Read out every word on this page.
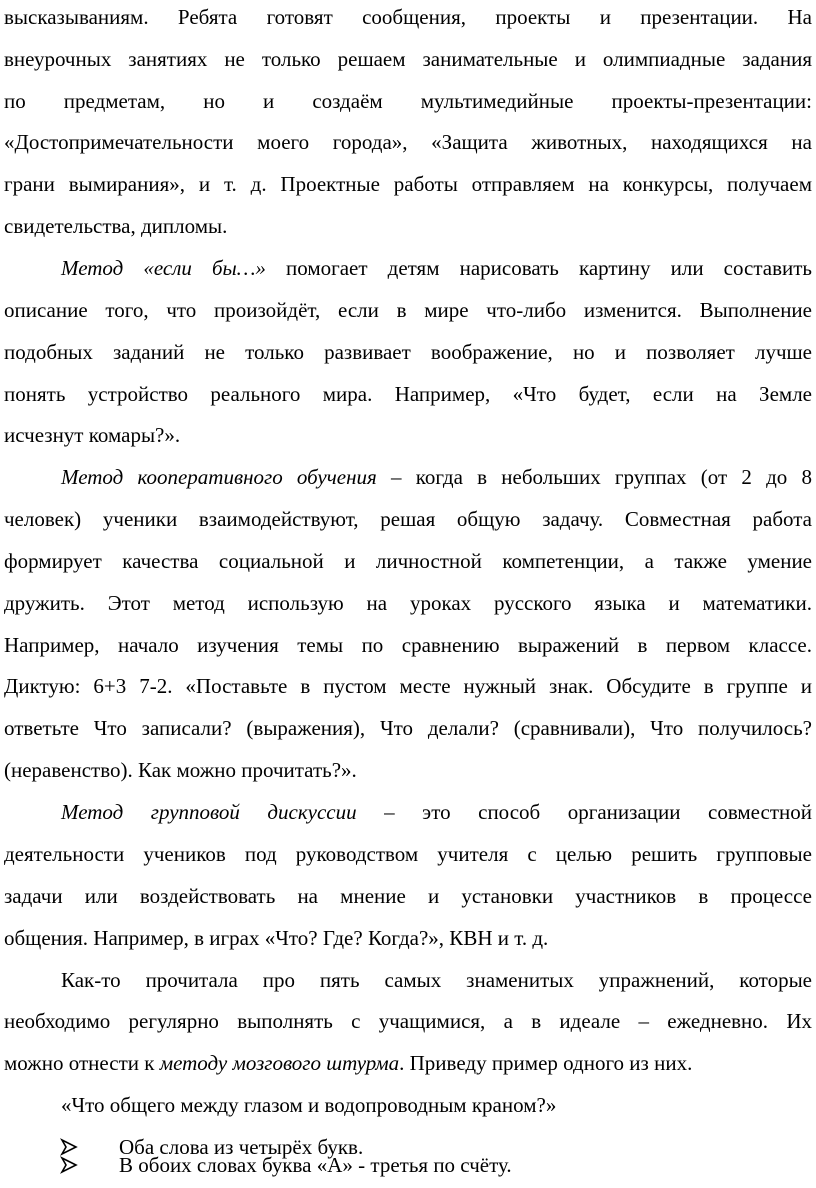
высказываниям. Ребята готовят сообщения, проекты и презентации. На
внеурочных занятиях не только решаем занимательные и олимпиадные задания
по предметам, но и создаём мультимедийные проекты-презентации:
«Достопримечательности моего города», «Защита животных, находящихся на
грани вымирания», и т. д. Проектные работы отправляем на конкурсы, получаем
свидетельства, дипломы.
Метод «если бы…» помогает детям нарисовать картину или составить
описание того, что произойдёт, если в мире что-либо изменится. Выполнение
подобных заданий не только развивает воображение, но и позволяет лучше
понять устройство реального мира. Например, «Что будет, если на Земле
исчезнут комары?».
Метод кооперативного обучения – когда в небольших группах (от 2 до 8
человек) ученики взаимодействуют, решая общую задачу. Совместная работа
формирует качества социальной и личностной компетенции, а также умение
дружить. Этот метод использую на уроках русского языка и математики.
Например, начало изучения темы по сравнению выражений в первом классе.
Диктую: 6+3 7-2. «Поставьте в пустом месте нужный знак. Обсудите в группе и
ответьте Что записали? (выражения), Что делали? (сравнивали), Что получилось?
(неравенство). Как можно прочитать?».
Метод групповой дискуссии – это способ организации совместной
деятельности учеников под руководством учителя с целью решить групповые
задачи или воздействовать на мнение и установки участников в процессе
общения. Например, в играх «Что? Где? Когда?», КВН и т. д.
Как-то прочитала про пять самых знаменитых упражнений, которые
необходимо регулярно выполнять с учащимися, а в идеале – ежедневно. Их
можно отнести к методу мозгового штурма. Приведу пример одного из них.
«Что общего между глазом и водопроводным краном?»
Оба слова из четырёх букв.
В обоих словах буква «А» - третья по счёту.
